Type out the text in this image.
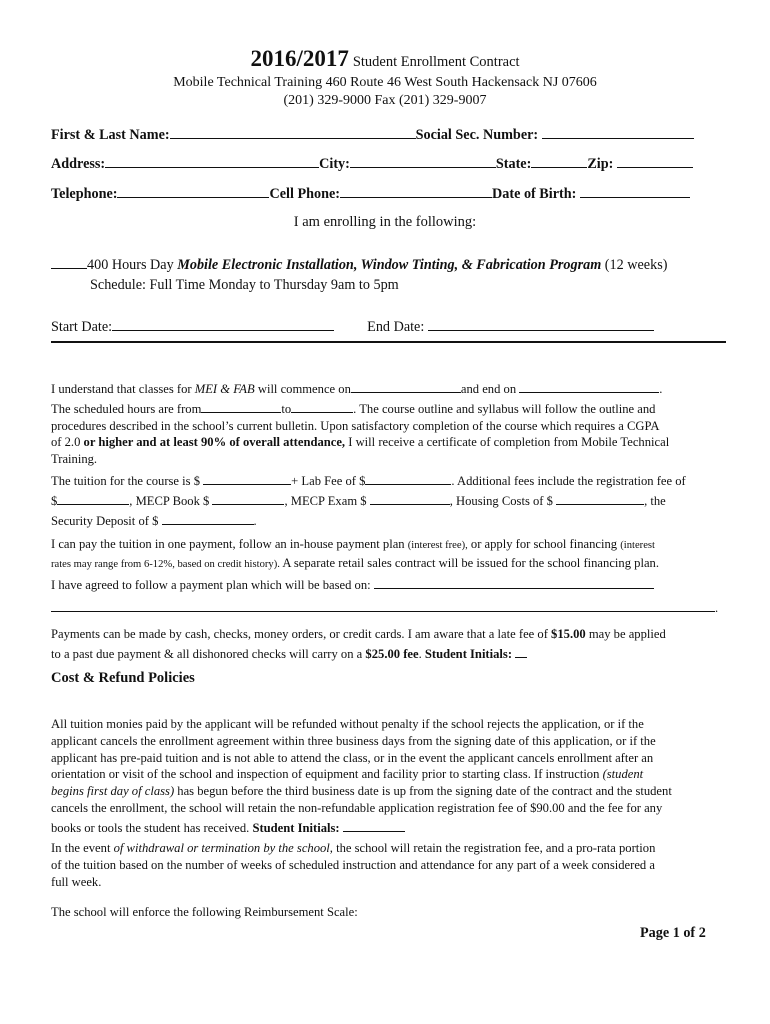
2016/2017 Student Enrollment Contract
Mobile Technical Training 460 Route 46 West South Hackensack NJ 07606
(201) 329-9000 Fax (201) 329-9007
First & Last Name:	Social Sec. Number:
Address:	City:	State:	Zip:
Telephone:	Cell Phone:	Date of Birth:
I am enrolling in the following:
400 Hours Day Mobile Electronic Installation, Window Tinting, & Fabrication Program (12 weeks)
Schedule: Full Time Monday to Thursday 9am to 5pm
Start Date:	End Date:
I understand that classes for MEI & FAB will commence on	and end on	.
The scheduled hours are from	to	. The course outline and syllabus will follow the outline and
procedures described in the school’s current bulletin. Upon satisfactory completion of the course which requires a CGPA
of 2.0 or higher and at least 90% of overall attendance, I will receive a certificate of completion from Mobile Technical
Training.
The tuition for the course is $	+ Lab Fee of $	. Additional fees include the registration fee of
$	, MECP Book $	, MECP Exam $	, Housing Costs of $	, the
Security Deposit of $	.
I can pay the tuition in one payment, follow an in-house payment plan (interest free), or apply for school financing (interest
rates may range from 6-12%, based on credit history). A separate retail sales contract will be issued for the school financing plan.
I have agreed to follow a payment plan which will be based on:
.
Payments can be made by cash, checks, money orders, or credit cards. I am aware that a late fee of $15.00 may be applied
to a past due payment & all dishonored checks will carry on a $25.00 fee. Student Initials:
Cost & Refund Policies
All tuition monies paid by the applicant will be refunded without penalty if the school rejects the application, or if the
applicant cancels the enrollment agreement within three business days from the signing date of this application, or if the
applicant has pre-paid tuition and is not able to attend the class, or in the event the applicant cancels enrollment after an
orientation or visit of the school and inspection of equipment and facility prior to starting class. If instruction (student
begins first day of class) has begun before the third business date is up from the signing date of the contract and the student
cancels the enrollment, the school will retain the non-refundable application registration fee of $90.00 and the fee for any
books or tools the student has received. Student Initials:
In the event of withdrawal or termination by the school, the school will retain the registration fee, and a pro-rata portion
of the tuition based on the number of weeks of scheduled instruction and attendance for any part of a week considered a
full week.
The school will enforce the following Reimbursement Scale:
Page 1 of 2
